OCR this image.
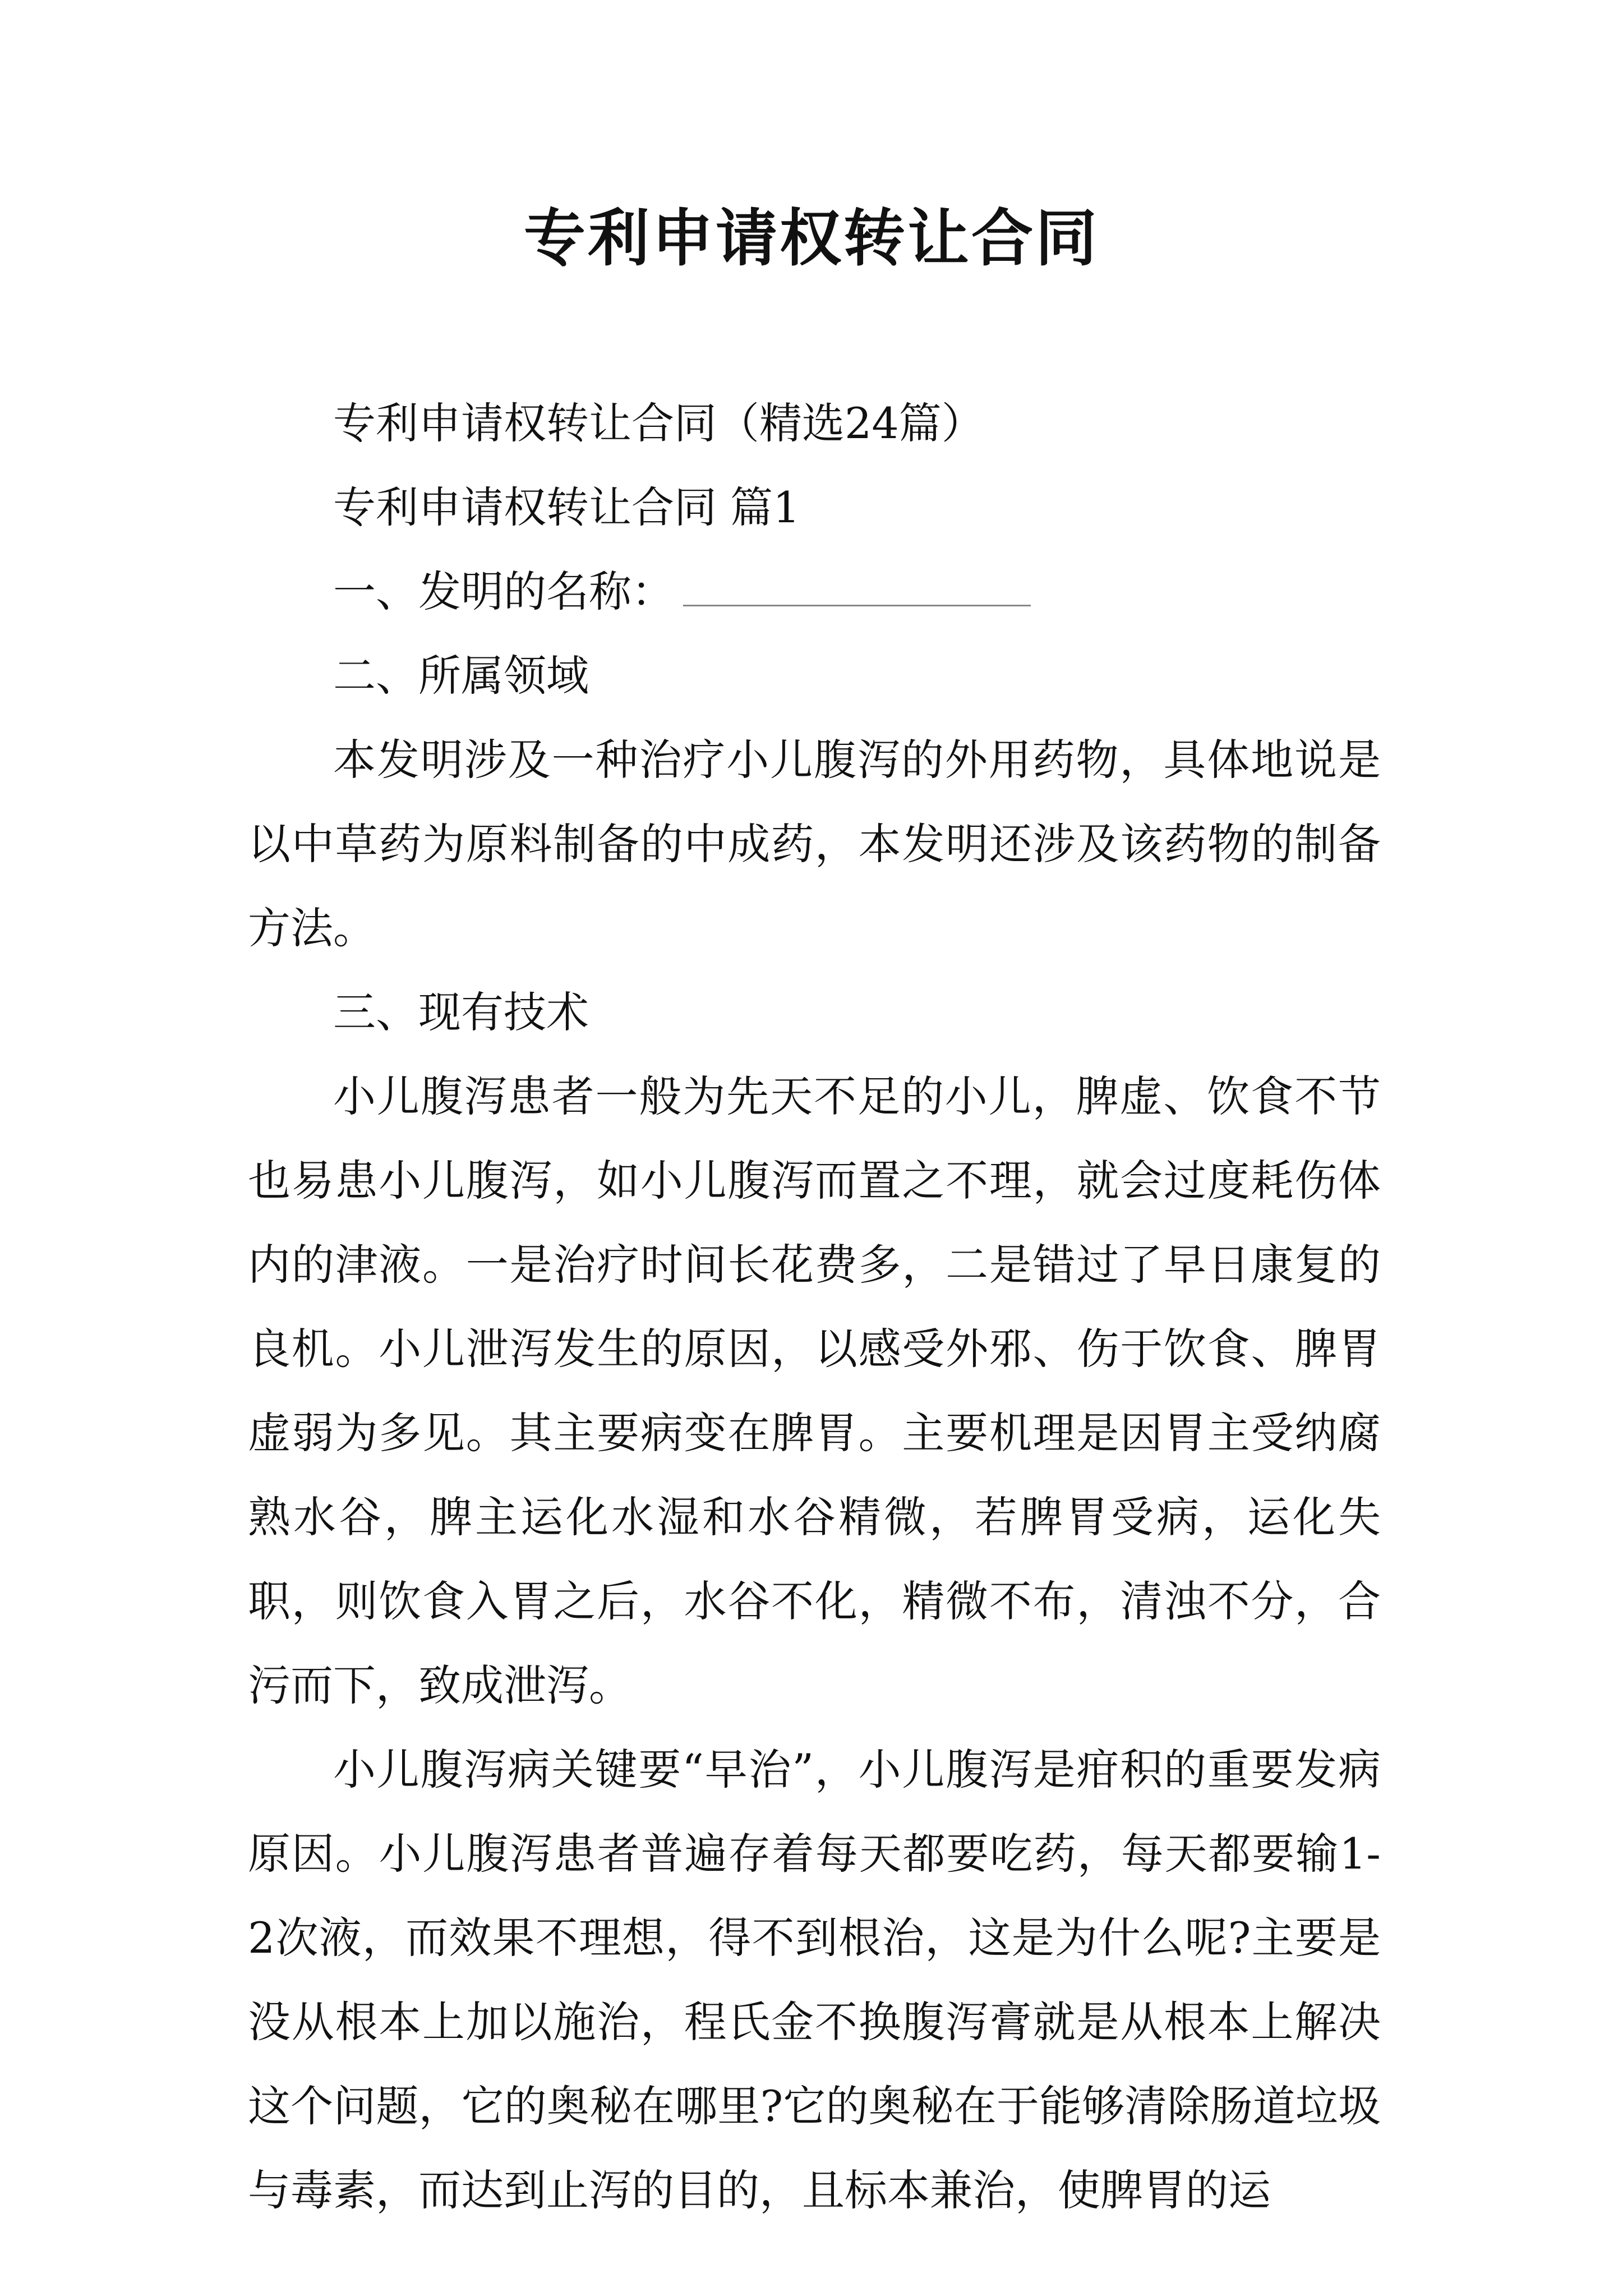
专利申请权转让合同

专利申请权转让合同（精选24篇）

专利申请权转让合同 篇1

一、发明的名称：

二、所属领域

本发明涉及一种治疗小儿腹泻的外用药物，具体地说是以中草药为原料制备的中成药，本发明还涉及该药物的制备方法。

三、现有技术

小儿腹泻患者一般为先天不足的小儿，脾虚、饮食不节也易患小儿腹泻，如小儿腹泻而置之不理，就会过度耗伤体内的津液。一是治疗时间长花费多，二是错过了早日康复的良机。小儿泄泻发生的原因，以感受外邪、伤于饮食、脾胃虚弱为多见。其主要病变在脾胃。主要机理是因胃主受纳腐熟水谷，脾主运化水湿和水谷精微，若脾胃受病，运化失职，则饮食入胃之后，水谷不化，精微不布，清浊不分，合污而下，致成泄泻。

小儿腹泻病关键要“早治”，小儿腹泻是疳积的重要发病原因。小儿腹泻患者普遍存着每天都要吃药，每天都要输1-2次液，而效果不理想，得不到根治，这是为什么呢?主要是没从根本上加以施治，程氏金不换腹泻膏就是从根本上解决这个问题，它的奥秘在哪里?它的奥秘在于能够清除肠道垃圾与毒素，而达到止泻的目的，且标本兼治，使脾胃的运
